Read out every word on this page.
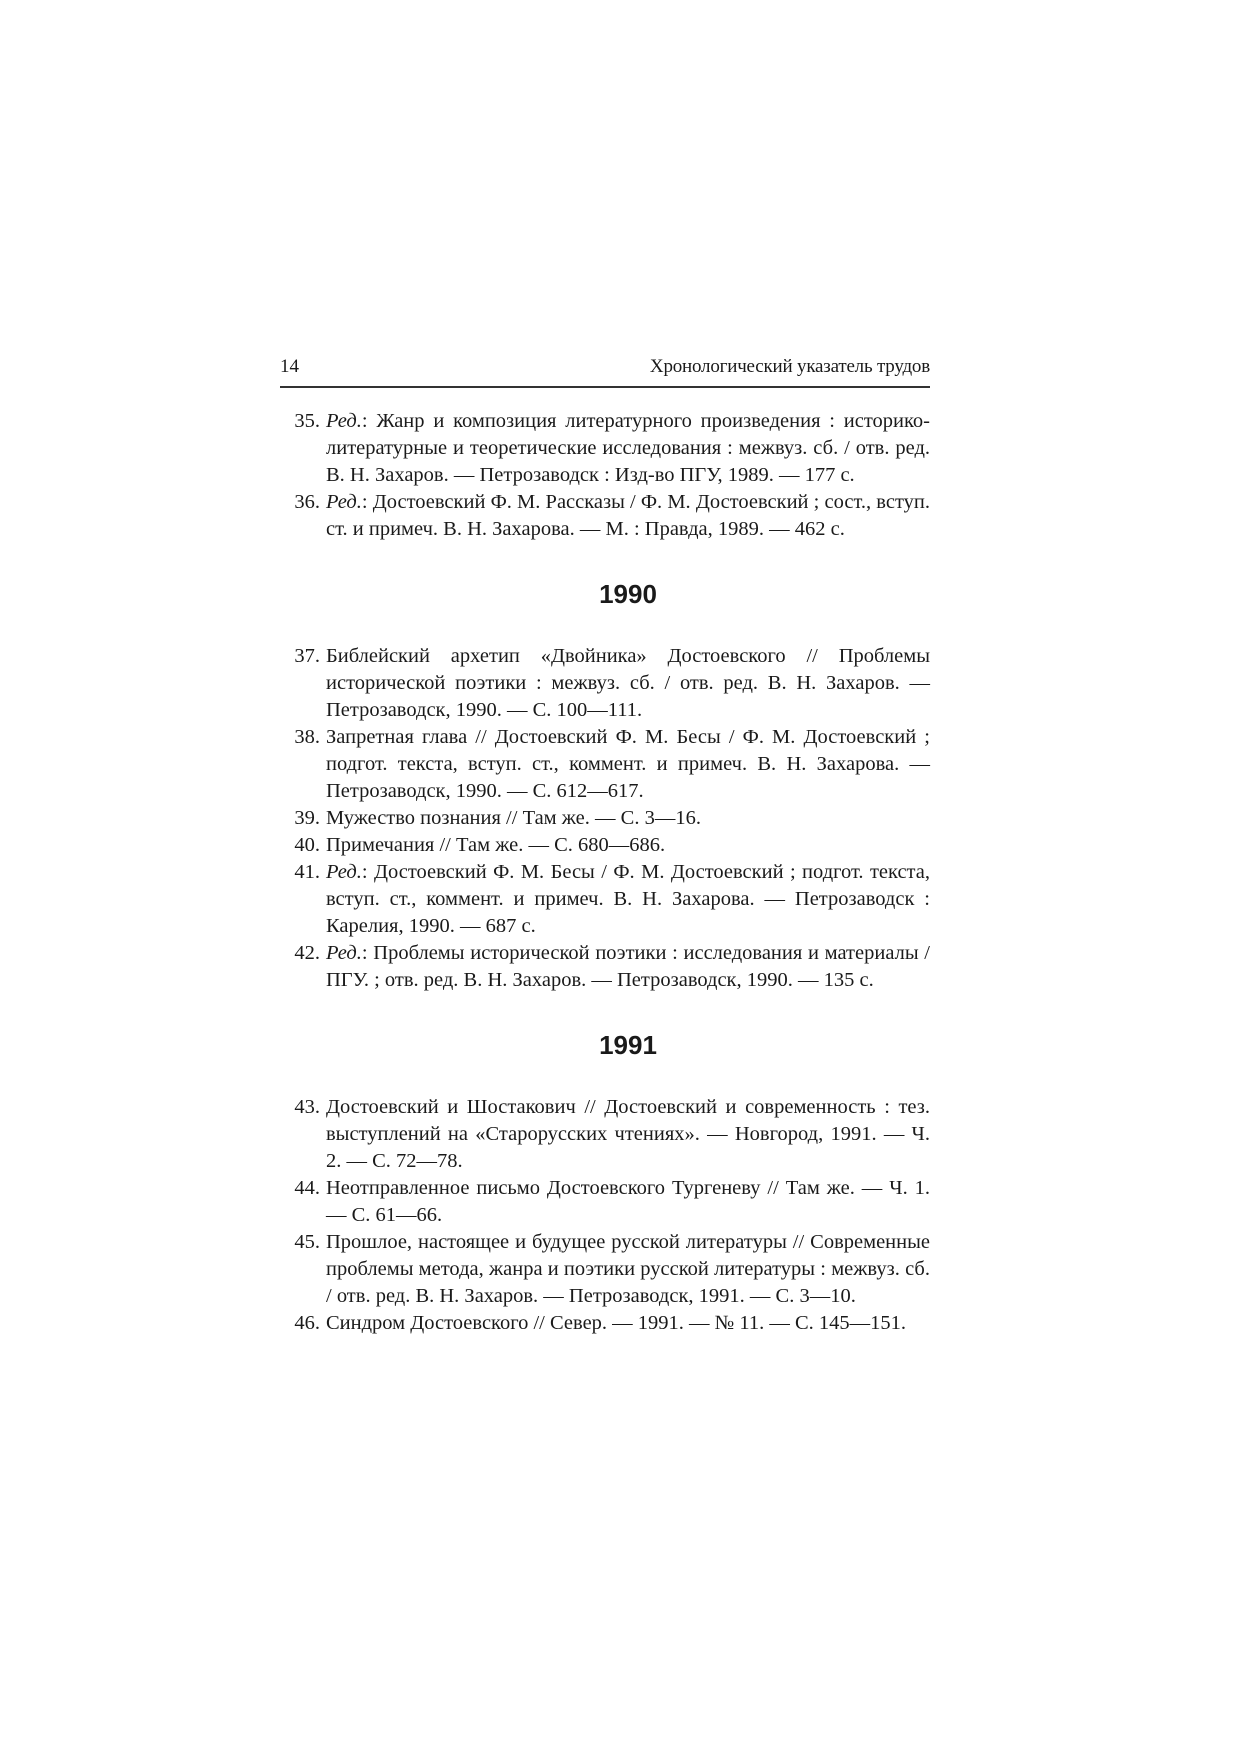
14	Хронологический указатель трудов
35. Ред.: Жанр и композиция литературного произведения : историко-литературные и теоретические исследования : межвуз. сб. / отв. ред. В. Н. Захаров. — Петрозаводск : Изд-во ПГУ, 1989. — 177 с.
36. Ред.: Достоевский Ф. М. Рассказы / Ф. М. Достоевский ; сост., вступ. ст. и примеч. В. Н. Захарова. — М. : Правда, 1989. — 462 с.
1990
37. Библейский архетип «Двойника» Достоевского // Проблемы исторической поэтики : межвуз. сб. / отв. ред. В. Н. Захаров. — Петрозаводск, 1990. — С. 100—111.
38. Запретная глава // Достоевский Ф. М. Бесы / Ф. М. Достоевский ; подгот. текста, вступ. ст., коммент. и примеч. В. Н. Захарова. — Петрозаводск, 1990. — С. 612—617.
39. Мужество познания // Там же. — С. 3—16.
40. Примечания // Там же. — С. 680—686.
41. Ред.: Достоевский Ф. М. Бесы / Ф. М. Достоевский ; подгот. текста, вступ. ст., коммент. и примеч. В. Н. Захарова. — Петрозаводск : Карелия, 1990. — 687 с.
42. Ред.: Проблемы исторической поэтики : исследования и материалы / ПГУ. ; отв. ред. В. Н. Захаров. — Петрозаводск, 1990. — 135 с.
1991
43. Достоевский и Шостакович // Достоевский и современность : тез. выступлений на «Старорусских чтениях». — Новгород, 1991. — Ч. 2. — С. 72—78.
44. Неотправленное письмо Достоевского Тургеневу // Там же. — Ч. 1. — С. 61—66.
45. Прошлое, настоящее и будущее русской литературы // Современные проблемы метода, жанра и поэтики русской литературы : межвуз. сб. / отв. ред. В. Н. Захаров. — Петрозаводск, 1991. — С. 3—10.
46. Синдром Достоевского // Север. — 1991. — № 11. — С. 145—151.
